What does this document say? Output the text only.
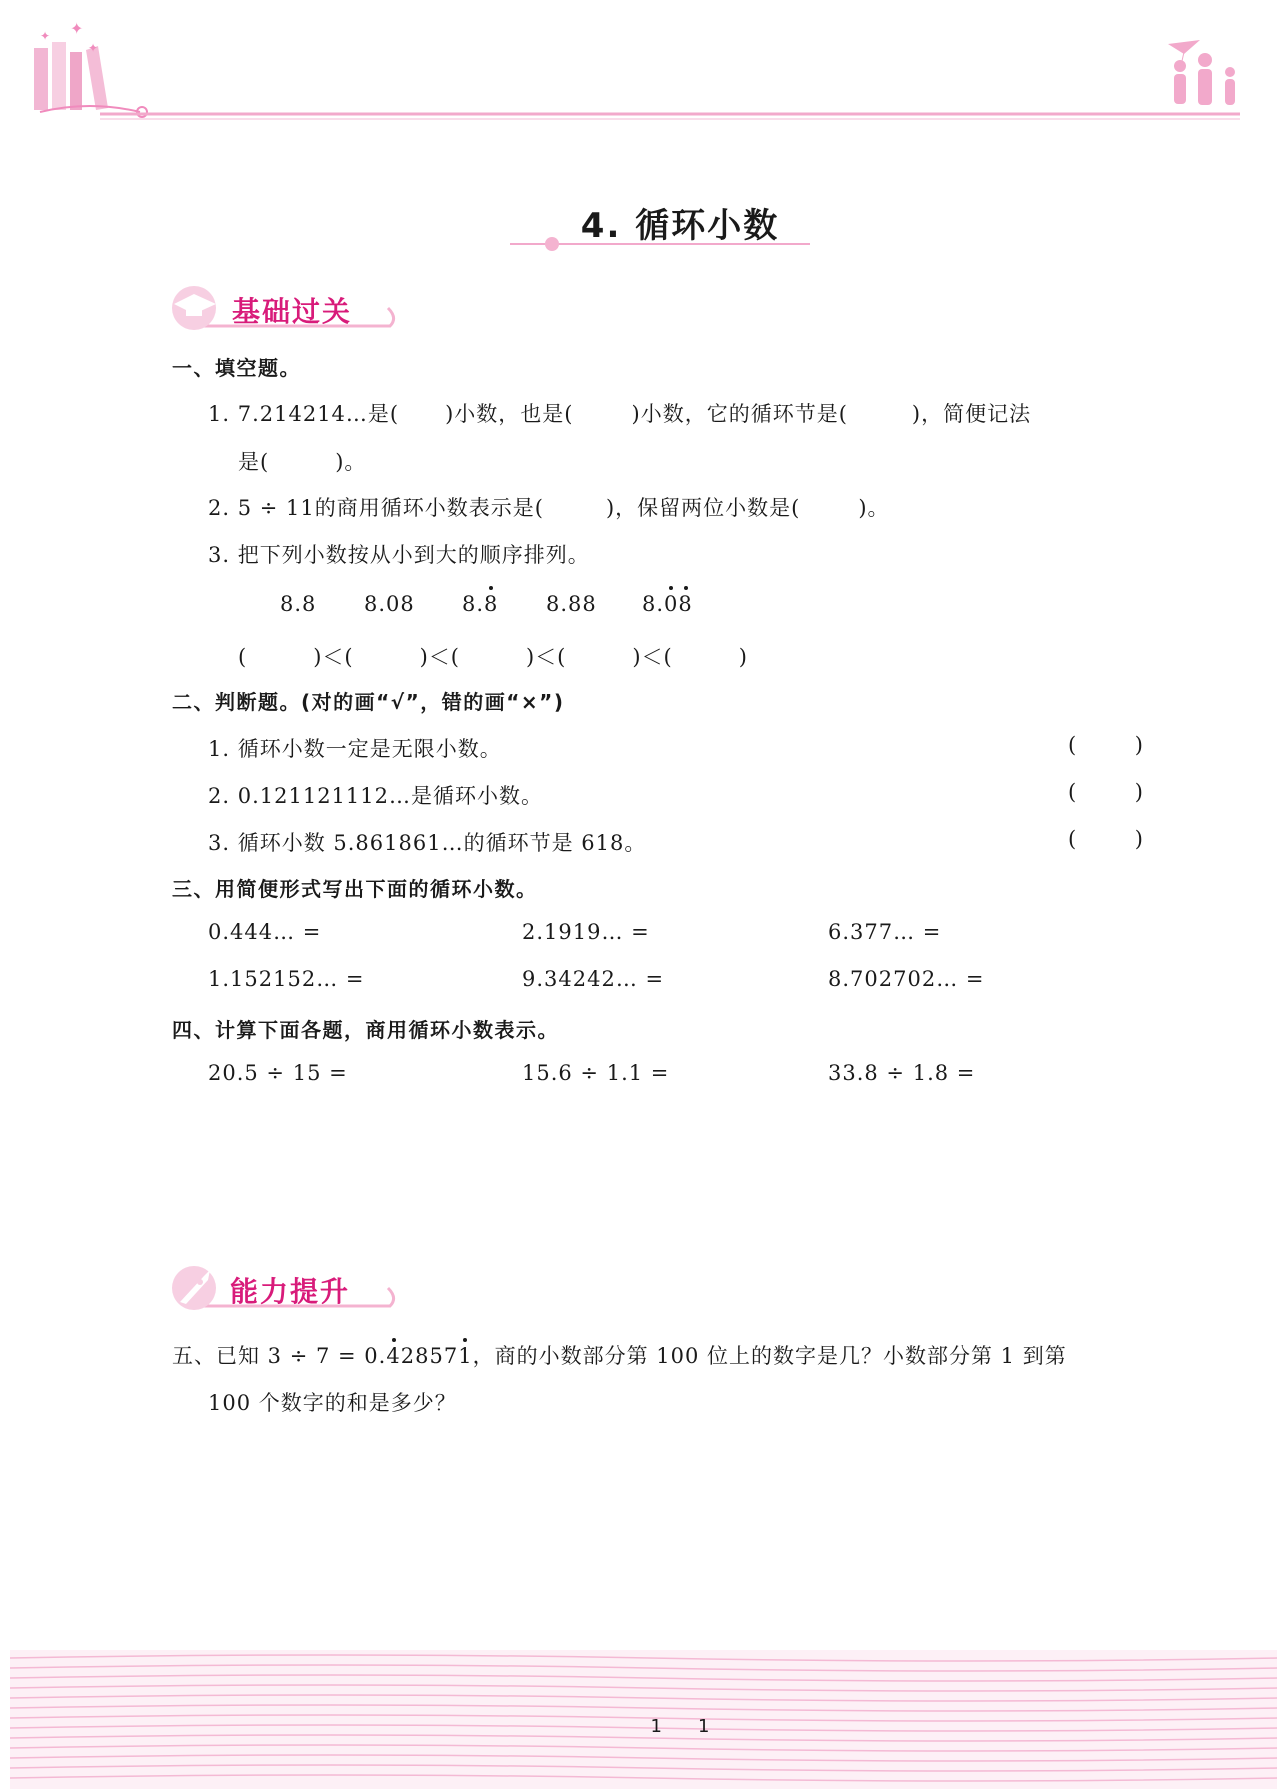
✦
✦
✦
4. 循环小数
基础过关
一、填空题。
1. 7.214214…是( )小数，也是(	)小数，它的循环节是(	)，简便记法
是(	)。
2. 5 ÷ 11的商用循环小数表示是(	)，保留两位小数是(	)。
3. 把下列小数按从小到大的顺序排列。
8.8 8.08 8.8 8.88 8.08
(　　　)＜(　　　)＜(　　　)＜(　　　)＜(　　　)
二、判断题。(对的画“√”，错的画“×”)
1. 循环小数一定是无限小数。	(	)
2. 0.121121112…是循环小数。	(	)
3. 循环小数 5.861861…的循环节是 618。	(	)
三、用简便形式写出下面的循环小数。
0.444… =	2.1919… =	6.377… =
1.152152… =	9.34242… =	8.702702… =
四、计算下面各题，商用循环小数表示。
20.5 ÷ 15 =	15.6 ÷ 1.1 =	33.8 ÷ 1.8 =
能力提升
五、已知 3 ÷ 7 = 0.428571，商的小数部分第 100 位上的数字是几？小数部分第 1 到第
100 个数字的和是多少？
1　　1
